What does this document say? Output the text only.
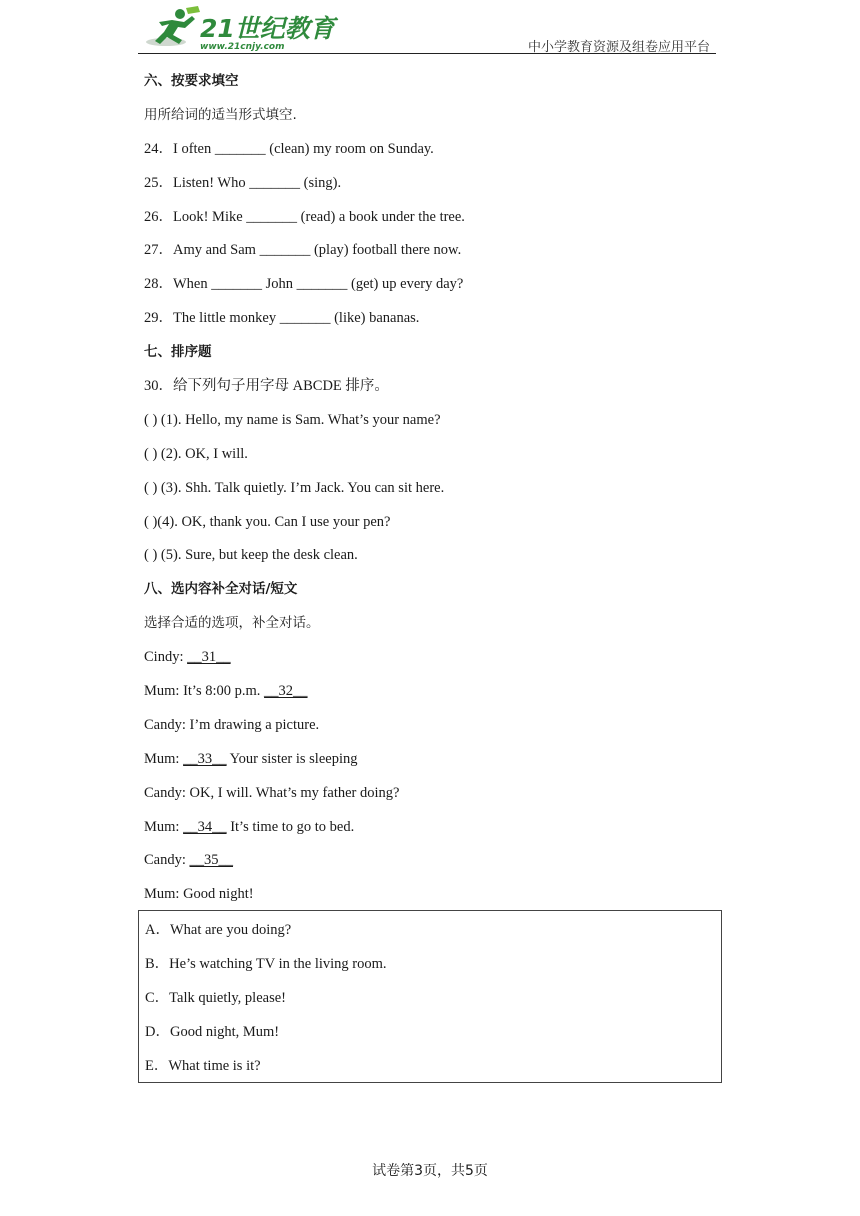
21世纪教育
www.21cnjy.com	中小学教育资源及组卷应用平台
六、按要求填空
用所给词的适当形式填空.
24．I often _______ (clean) my room on Sunday.
25．Listen! Who _______ (sing).
26．Look! Mike _______ (read) a book under the tree.
27．Amy and Sam _______ (play) football there now.
28．When _______ John _______ (get) up every day?
29．The little monkey _______ (like) bananas.
七、排序题
30．给下列句子用字母 ABCDE 排序。
( ) (1). Hello, my name is Sam. What’s your name?
( ) (2). OK, I will.
( ) (3). Shh. Talk quietly. I’m Jack. You can sit here.
( )(4). OK, thank you. Can I use your pen?
( ) (5). Sure, but keep the desk clean.
八、选内容补全对话/短文
选择合适的选项，补全对话。
Cindy: __31__
Mum: It’s 8:00 p.m. __32__
Candy: I’m drawing a picture.
Mum: __33__ Your sister is sleeping
Candy: OK, I will. What’s my father doing?
Mum: __34__ It’s time to go to bed.
Candy: __35__
Mum: Good night!
A．What are you doing?
B．He’s watching TV in the living room.
C．Talk quietly, please!
D．Good night, Mum!
E．What time is it?
试卷第3页，共5页
